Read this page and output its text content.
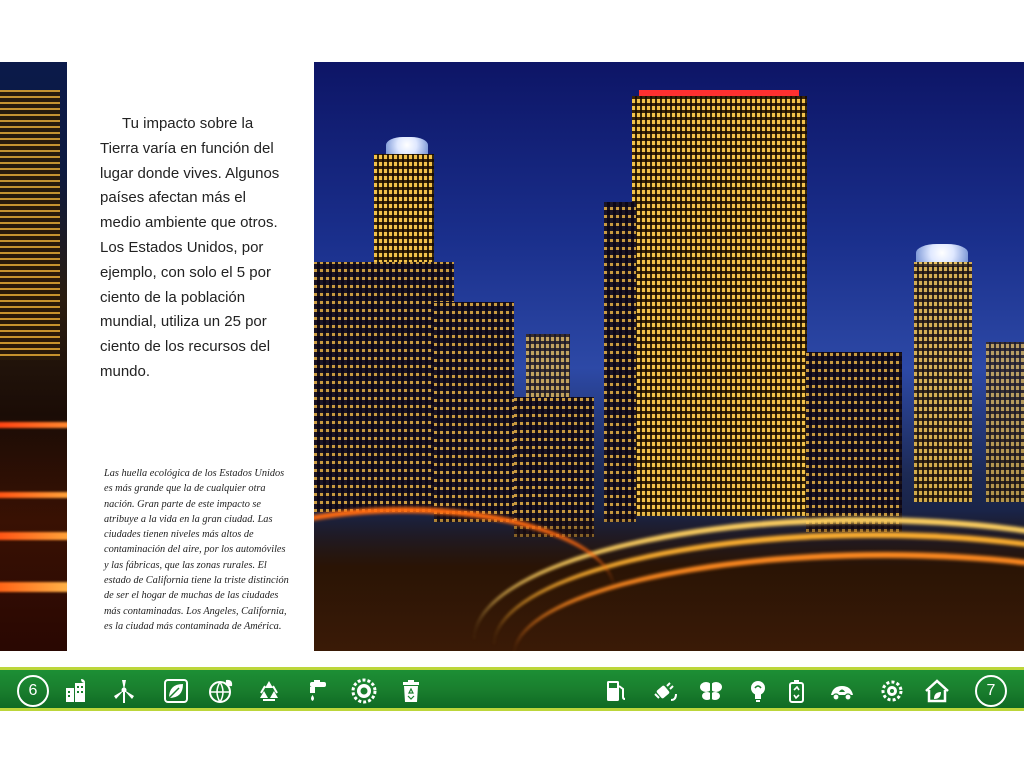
Tu impacto sobre la Tierra varía en función del lugar donde vives. Algunos países afectan más el medio ambiente que otros. Los Estados Unidos, por ejemplo, con solo el 5 por ciento de la población mundial, utiliza un 25 por ciento de los recursos del mundo.

Las huella ecológica de los Estados Unidos es más grande que la de cualquier otra nación. Gran parte de este impacto se atribuye a la vida en la gran ciudad. Las ciudades tienen niveles más altos de contaminación del aire, por los automóviles y las fábricas, que las zonas rurales. El estado de California tiene la triste distinción de ser el hogar de muchas de las ciudades más contaminadas. Los Angeles, California, es la ciudad más contaminada de América.

6	7
